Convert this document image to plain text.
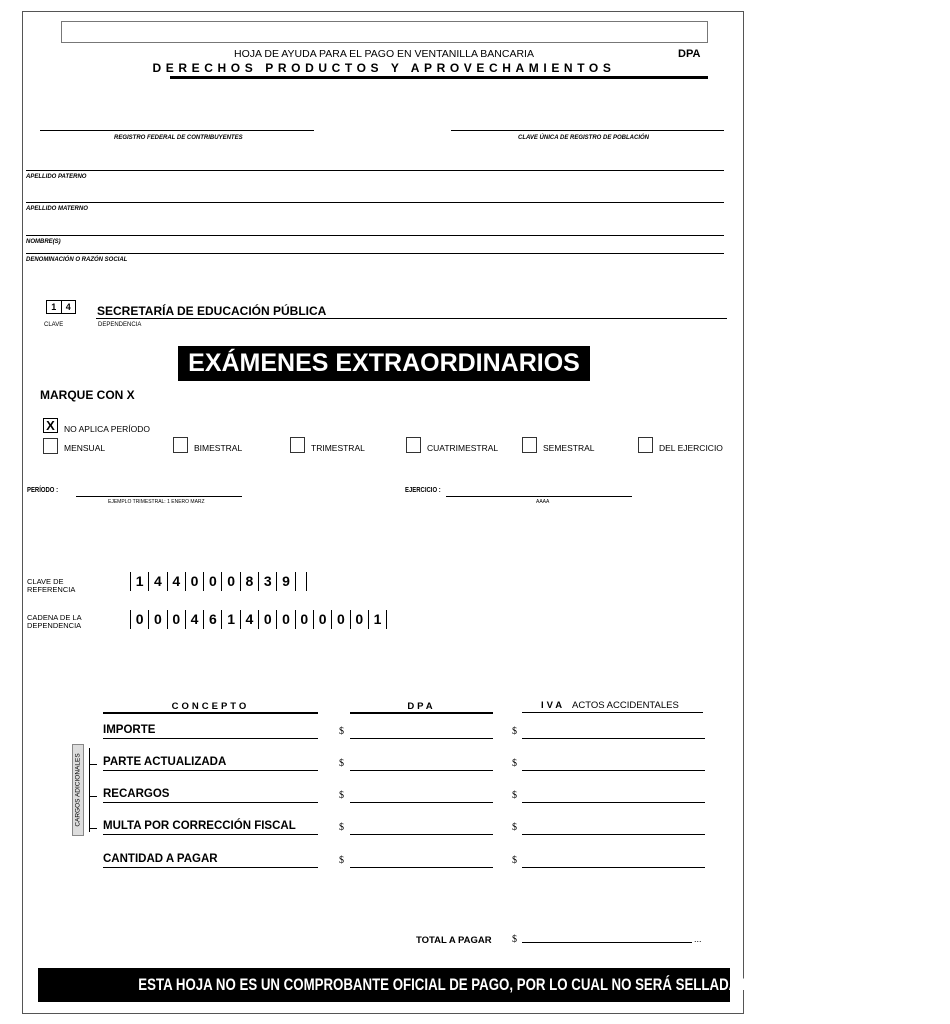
HOJA DE AYUDA PARA EL PAGO EN VENTANILLA BANCARIA	DPA
DERECHOS PRODUCTOS Y APROVECHAMIENTOS
REGISTRO FEDERAL DE CONTRIBUYENTES	CLAVE ÚNICA DE REGISTRO DE POBLACIÓN
APELLIDO PATERNO
APELLIDO MATERNO
NOMBRE(S)
DENOMINACIÓN O RAZÓN SOCIAL
1	4	SECRETARÍA DE EDUCACIÓN PÚBLICA
CLAVE	DEPENDENCIA
EXÁMENES EXTRAORDINARIOS
MARQUE CON X
X	NO APLICA PERÍODO
MENSUAL	BIMESTRAL	TRIMESTRAL	CUATRIMESTRAL	SEMESTRAL	DEL EJERCICIO
PERÍODO :
EJEMPLO TRIMESTRAL: 1 ENERO MARZ
EJERCICIO :
AAAA
CLAVE DE REFERENCIA
1 4 4 0 0 0 8 3 9
CADENA DE LA DEPENDENCIA	0 0 0 4 6 1 4 0 0 0 0 0 0 1
CONCEPTO	DPA	IVA ACTOS ACCIDENTALES
CARGOS ADICIONALES
IMPORTE	$	$
PARTE ACTUALIZADA	$	$
RECARGOS	$	$
MULTA POR CORRECCIÓN FISCAL	$	$
CANTIDAD A PAGAR	$	$
TOTAL A PAGAR $	...
ESTA HOJA NO ES UN COMPROBANTE OFICIAL DE PAGO, POR LO CUAL NO SERÁ SELLADA POR EL CAJERO
